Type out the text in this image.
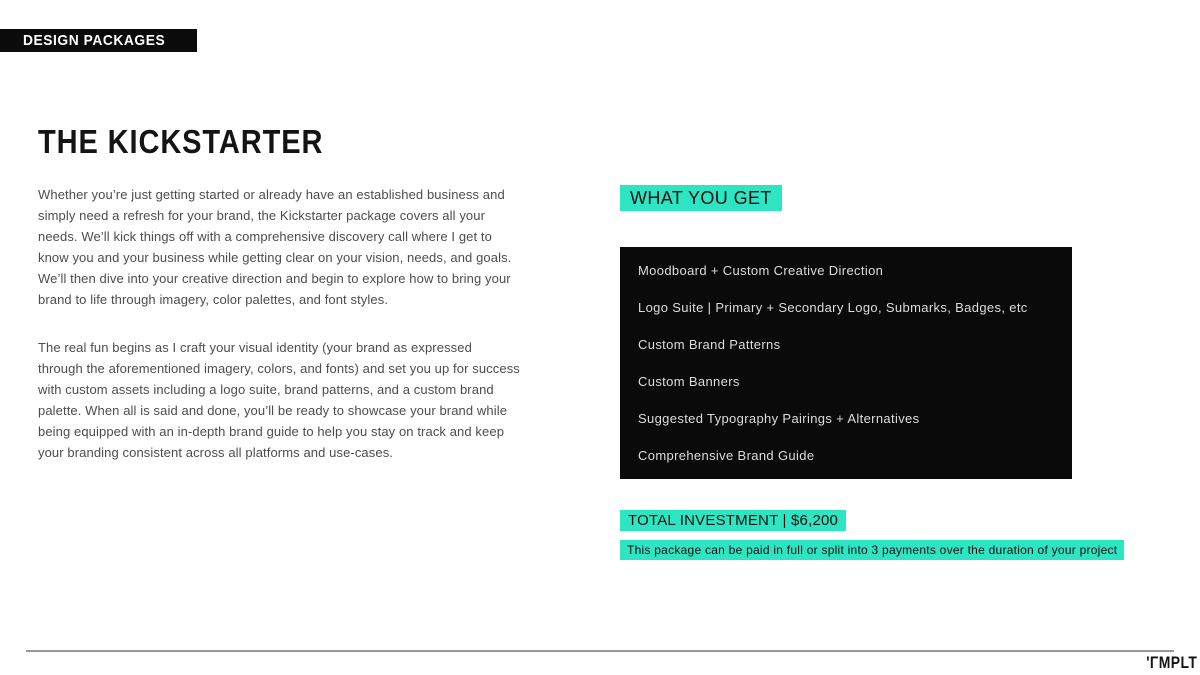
DESIGN PACKAGES
THE KICKSTARTER

Whether you’re just getting started or already have an established business and simply need a refresh for your brand, the Kickstarter package covers all your needs. We’ll kick things off with a comprehensive discovery call where I get to know you and your business while getting clear on your vision, needs, and goals. We’ll then dive into your creative direction and begin to explore how to bring your brand to life through imagery, color palettes, and font styles.

The real fun begins as I craft your visual identity (your brand as expressed through the aforementioned imagery, colors, and fonts) and set you up for success with custom assets including a logo suite, brand patterns, and a custom brand palette. When all is said and done, you’ll be ready to showcase your brand while being equipped with an in-depth brand guide to help you stay on track and keep your branding consistent across all platforms and use-cases.

WHAT YOU GET
Moodboard + Custom Creative Direction
Logo Suite | Primary + Secondary Logo, Submarks, Badges, etc
Custom Brand Patterns
Custom Banners
Suggested Typography Pairings + Alternatives
Comprehensive Brand Guide
TOTAL INVESTMENT | $6,200
This package can be paid in full or split into 3 payments over the duration of your project
'ΓMPLT
